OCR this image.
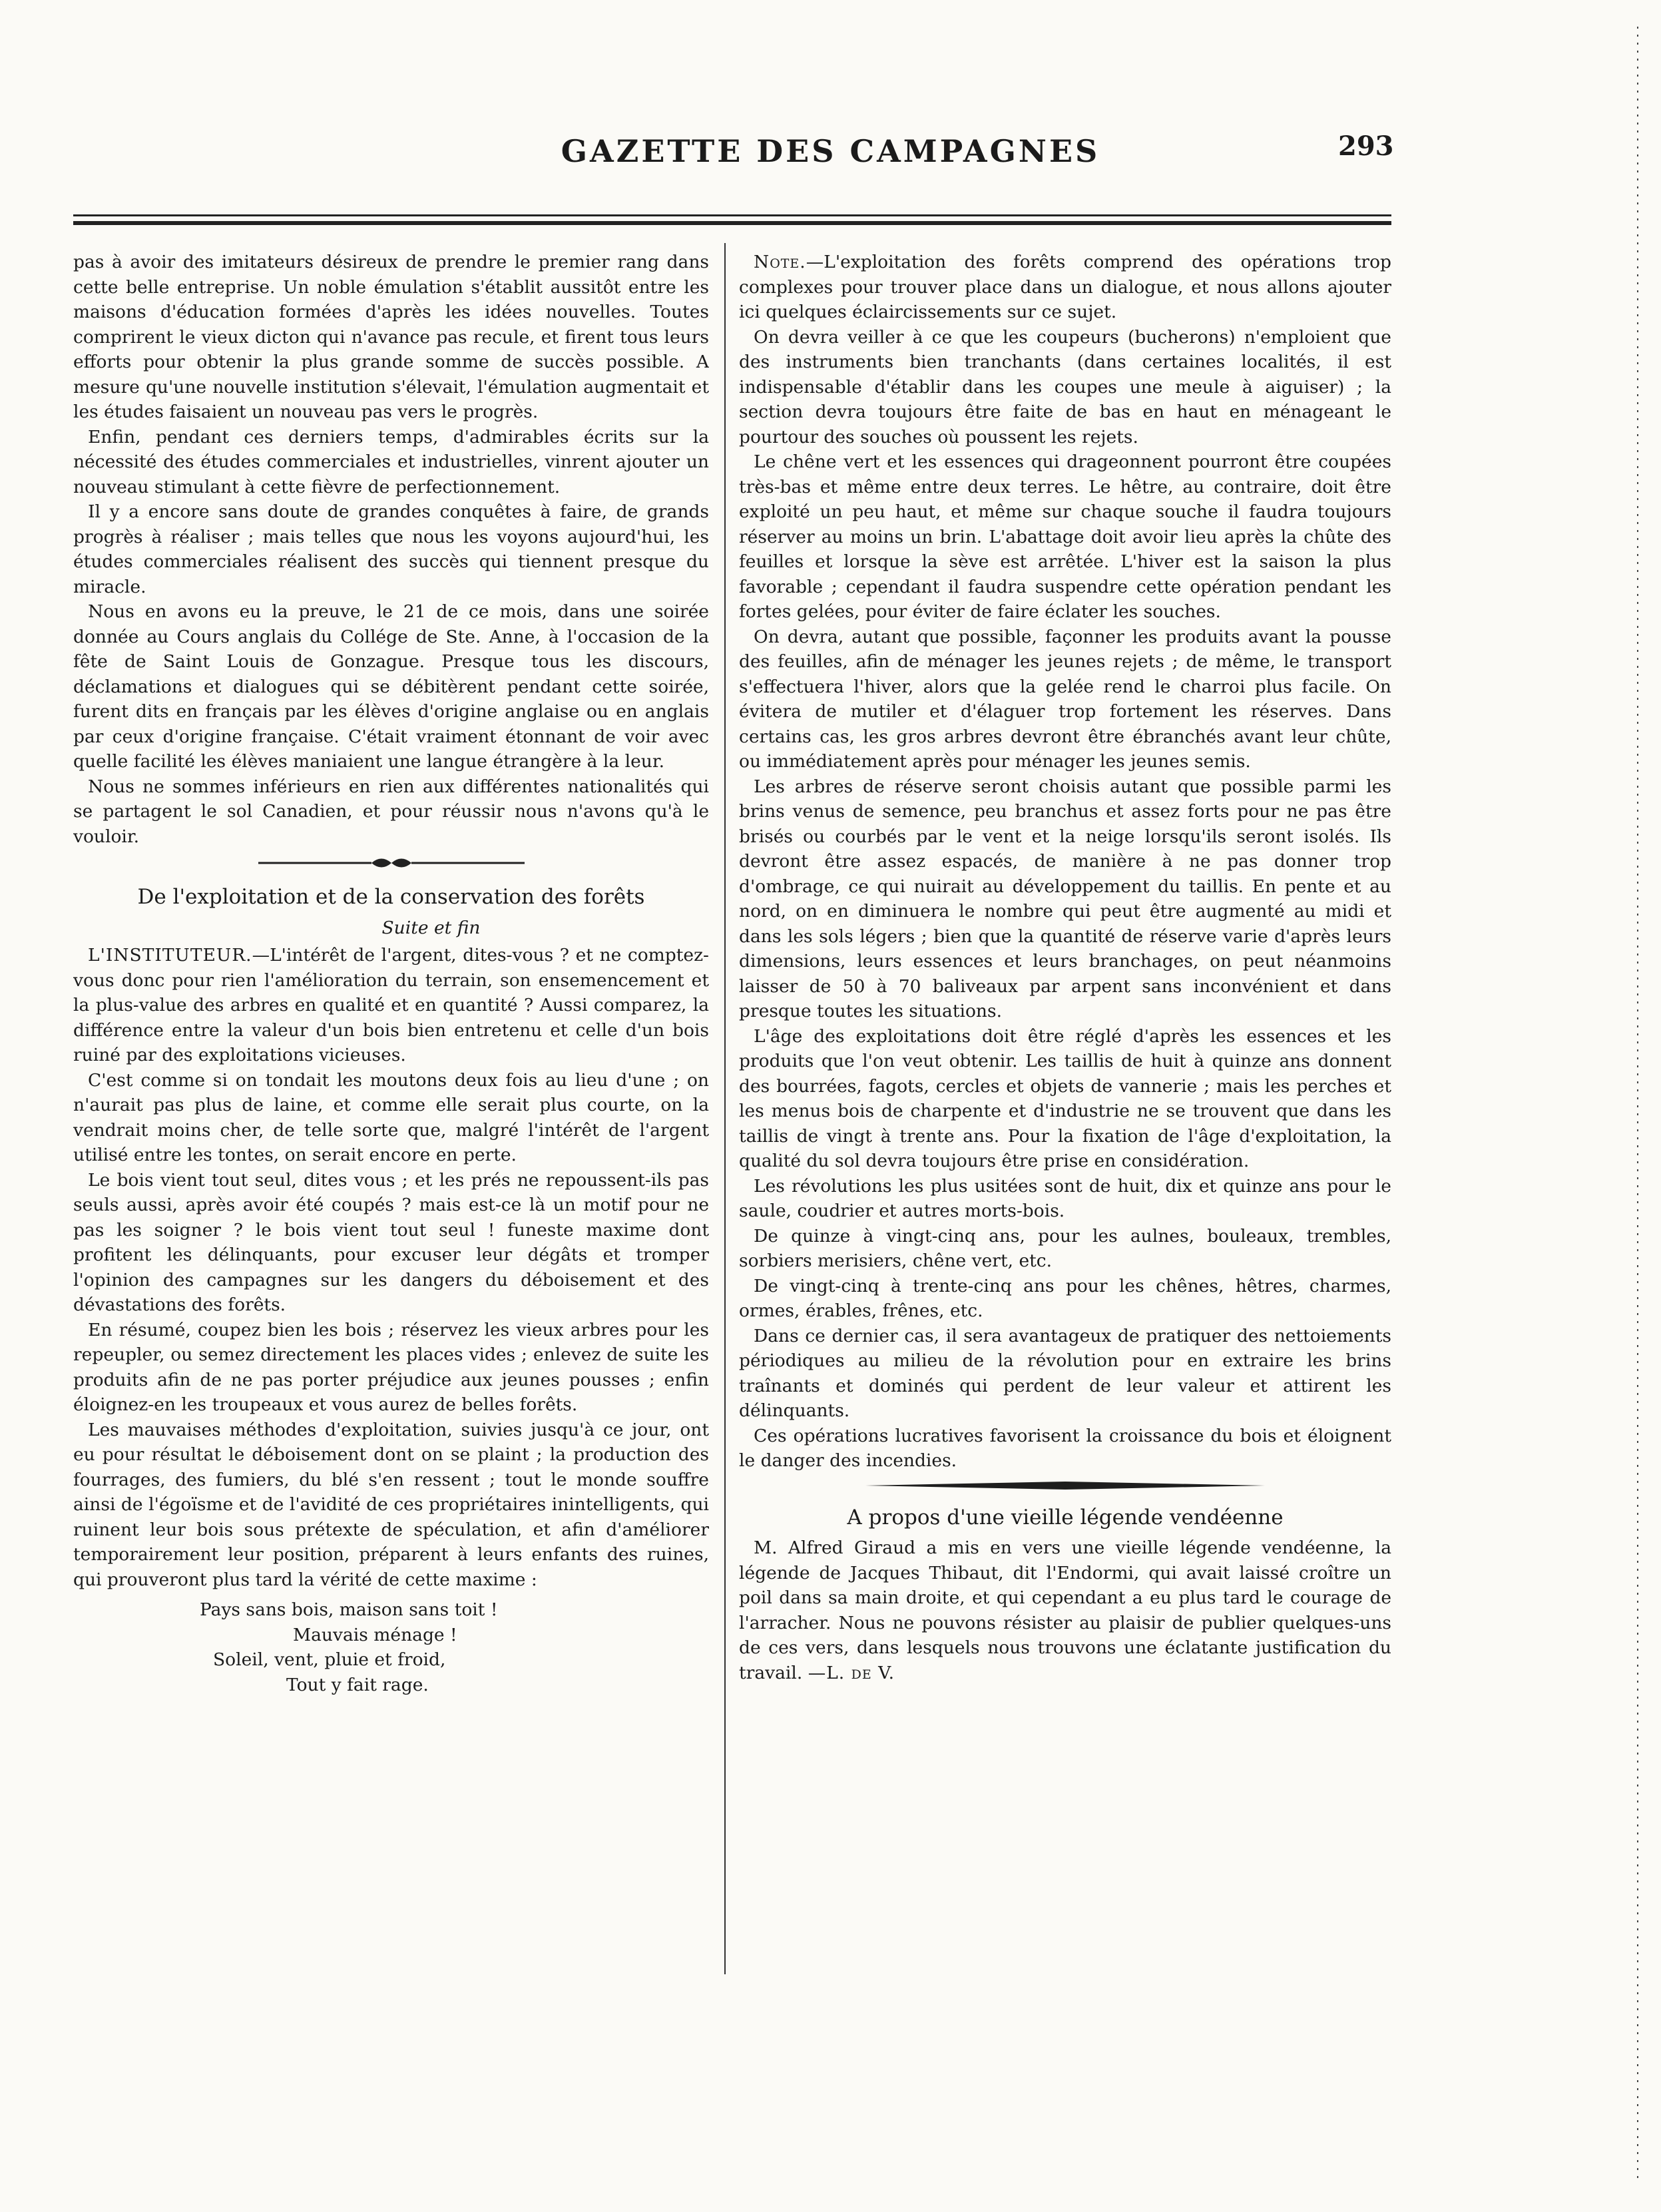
GAZETTE DES CAMPAGNES	293

pas à avoir des imitateurs désireux de prendre le premier rang dans cette belle entreprise. Un noble émulation s'établit aussitôt entre les maisons d'éducation formées d'après les idées nouvelles. Toutes comprirent le vieux dicton qui n'avance pas recule, et firent tous leurs efforts pour obtenir la plus grande somme de succès possible. A mesure qu'une nouvelle institution s'élevait, l'émulation augmentait et les études faisaient un nouveau pas vers le progrès.

Enfin, pendant ces derniers temps, d'admirables écrits sur la nécessité des études commerciales et industrielles, vinrent ajouter un nouveau stimulant à cette fièvre de perfectionnement.

Il y a encore sans doute de grandes conquêtes à faire, de grands progrès à réaliser ; mais telles que nous les voyons aujourd'hui, les études commerciales réalisent des succès qui tiennent presque du miracle.

Nous en avons eu la preuve, le 21 de ce mois, dans une soirée donnée au Cours anglais du Collége de Ste. Anne, à l'occasion de la fête de Saint Louis de Gonzague. Presque tous les discours, déclamations et dialogues qui se débitèrent pendant cette soirée, furent dits en français par les élèves d'origine anglaise ou en anglais par ceux d'origine française. C'était vraiment étonnant de voir avec quelle facilité les élèves maniaient une langue étrangère à la leur.

Nous ne sommes inférieurs en rien aux différentes nationalités qui se partagent le sol Canadien, et pour réussir nous n'avons qu'à le vouloir.

De l'exploitation et de la conservation des forêts
Suite et fin

L'INSTITUTEUR.—L'intérêt de l'argent, dites-vous ? et ne comptez-vous donc pour rien l'amélioration du terrain, son ensemencement et la plus-value des arbres en qualité et en quantité ? Aussi comparez, la différence entre la valeur d'un bois bien entretenu et celle d'un bois ruiné par des exploitations vicieuses.

C'est comme si on tondait les moutons deux fois au lieu d'une ; on n'aurait pas plus de laine, et comme elle serait plus courte, on la vendrait moins cher, de telle sorte que, malgré l'intérêt de l'argent utilisé entre les tontes, on serait encore en perte.

Le bois vient tout seul, dites vous ; et les prés ne repoussent-ils pas seuls aussi, après avoir été coupés ? mais est-ce là un motif pour ne pas les soigner ? le bois vient tout seul ! funeste maxime dont profitent les délinquants, pour excuser leur dégâts et tromper l'opinion des campagnes sur les dangers du déboisement et des dévastations des forêts.

En résumé, coupez bien les bois ; réservez les vieux arbres pour les repeupler, ou semez directement les places vides ; enlevez de suite les produits afin de ne pas porter préjudice aux jeunes pousses ; enfin éloignez-en les troupeaux et vous aurez de belles forêts.

Les mauvaises méthodes d'exploitation, suivies jusqu'à ce jour, ont eu pour résultat le déboisement dont on se plaint ; la production des fourrages, des fumiers, du blé s'en ressent ; tout le monde souffre ainsi de l'égoïsme et de l'avidité de ces propriétaires inintelligents, qui ruinent leur bois sous prétexte de spéculation, et afin d'améliorer temporairement leur position, préparent à leurs enfants des ruines, qui prouveront plus tard la vérité de cette maxime :

Pays sans bois, maison sans toit !
Mauvais ménage !
Soleil, vent, pluie et froid,
Tout y fait rage.

Note.—L'exploitation des forêts comprend des opérations trop complexes pour trouver place dans un dialogue, et nous allons ajouter ici quelques éclaircissements sur ce sujet.

On devra veiller à ce que les coupeurs (bucherons) n'emploient que des instruments bien tranchants (dans certaines localités, il est indispensable d'établir dans les coupes une meule à aiguiser) ; la section devra toujours être faite de bas en haut en ménageant le pourtour des souches où poussent les rejets.

Le chêne vert et les essences qui drageonnent pourront être coupées très-bas et même entre deux terres. Le hêtre, au contraire, doit être exploité un peu haut, et même sur chaque souche il faudra toujours réserver au moins un brin. L'abattage doit avoir lieu après la chûte des feuilles et lorsque la sève est arrêtée. L'hiver est la saison la plus favorable ; cependant il faudra suspendre cette opération pendant les fortes gelées, pour éviter de faire éclater les souches.

On devra, autant que possible, façonner les produits avant la pousse des feuilles, afin de ménager les jeunes rejets ; de même, le transport s'effectuera l'hiver, alors que la gelée rend le charroi plus facile. On évitera de mutiler et d'élaguer trop fortement les réserves. Dans certains cas, les gros arbres devront être ébranchés avant leur chûte, ou immédiatement après pour ménager les jeunes semis.

Les arbres de réserve seront choisis autant que possible parmi les brins venus de semence, peu branchus et assez forts pour ne pas être brisés ou courbés par le vent et la neige lorsqu'ils seront isolés. Ils devront être assez espacés, de manière à ne pas donner trop d'ombrage, ce qui nuirait au développement du taillis. En pente et au nord, on en diminuera le nombre qui peut être augmenté au midi et dans les sols légers ; bien que la quantité de réserve varie d'après leurs dimensions, leurs essences et leurs branchages, on peut néanmoins laisser de 50 à 70 baliveaux par arpent sans inconvénient et dans presque toutes les situations.

L'âge des exploitations doit être réglé d'après les essences et les produits que l'on veut obtenir. Les taillis de huit à quinze ans donnent des bourrées, fagots, cercles et objets de vannerie ; mais les perches et les menus bois de charpente et d'industrie ne se trouvent que dans les taillis de vingt à trente ans. Pour la fixation de l'âge d'exploitation, la qualité du sol devra toujours être prise en considération.

Les révolutions les plus usitées sont de huit, dix et quinze ans pour le saule, coudrier et autres morts-bois.

De quinze à vingt-cinq ans, pour les aulnes, bouleaux, trembles, sorbiers merisiers, chêne vert, etc.

De vingt-cinq à trente-cinq ans pour les chênes, hêtres, charmes, ormes, érables, frênes, etc.

Dans ce dernier cas, il sera avantageux de pratiquer des nettoiements périodiques au milieu de la révolution pour en extraire les brins traînants et dominés qui perdent de leur valeur et attirent les délinquants.

Ces opérations lucratives favorisent la croissance du bois et éloignent le danger des incendies.

A propos d'une vieille légende vendéenne

M. Alfred Giraud a mis en vers une vieille légende vendéenne, la légende de Jacques Thibaut, dit l'Endormi, qui avait laissé croître un poil dans sa main droite, et qui cependant a eu plus tard le courage de l'arracher. Nous ne pouvons résister au plaisir de publier quelques-uns de ces vers, dans lesquels nous trouvons une éclatante justification du travail. —L. de V.
